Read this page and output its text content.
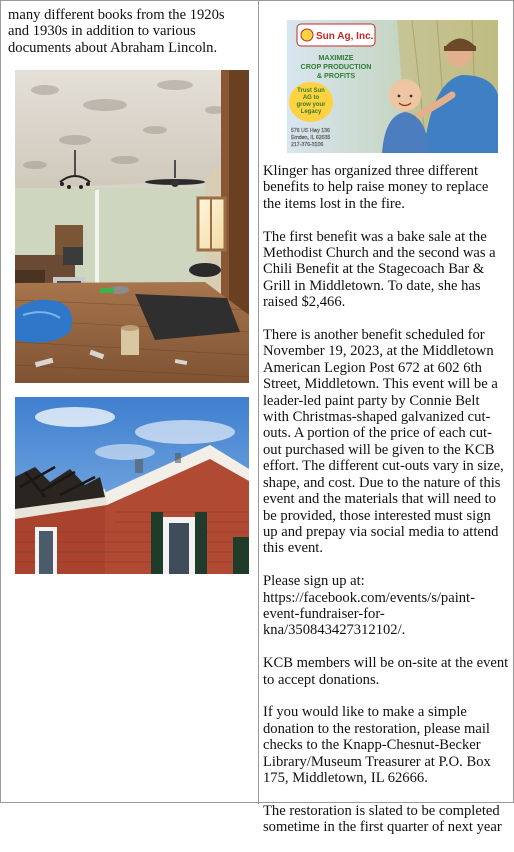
many different books from the 1920s and 1930s in addition to various documents about Abraham Lincoln.

Sun Ag, Inc.
MAXIMIZE
CROP PRODUCTION
& PROFITS
Trust Sun
AG to
grow your
Legacy
576 US Hwy 136
Emden, IL 62635
217-376-3106

Klinger has organized three different benefits to help raise money to replace the items lost in the fire.

The first benefit was a bake sale at the Methodist Church and the second was a Chili Benefit at the Stagecoach Bar & Grill in Middletown. To date, she has raised $2,466.

There is another benefit scheduled for November 19, 2023, at the Middletown American Legion Post 672 at 602 6th Street, Middletown. This event will be a leader-led paint party by Connie Belt with Christmas-shaped galvanized cut-outs. A portion of the price of each cut-out purchased will be given to the KCB effort. The different cut-outs vary in size, shape, and cost. Due to the nature of this event and the materials that will need to be provided, those interested must sign up and prepay via social media to attend this event.

Please sign up at: https://facebook.com/events/s/paint-event-fundraiser-for-kna/350843427312102/.

KCB members will be on-site at the event to accept donations.

If you would like to make a simple donation to the restoration, please mail checks to the Knapp-Chesnut-Becker Library/Museum Treasurer at P.O. Box 175, Middletown, IL 62666.

The restoration is slated to be completed sometime in the first quarter of next year
